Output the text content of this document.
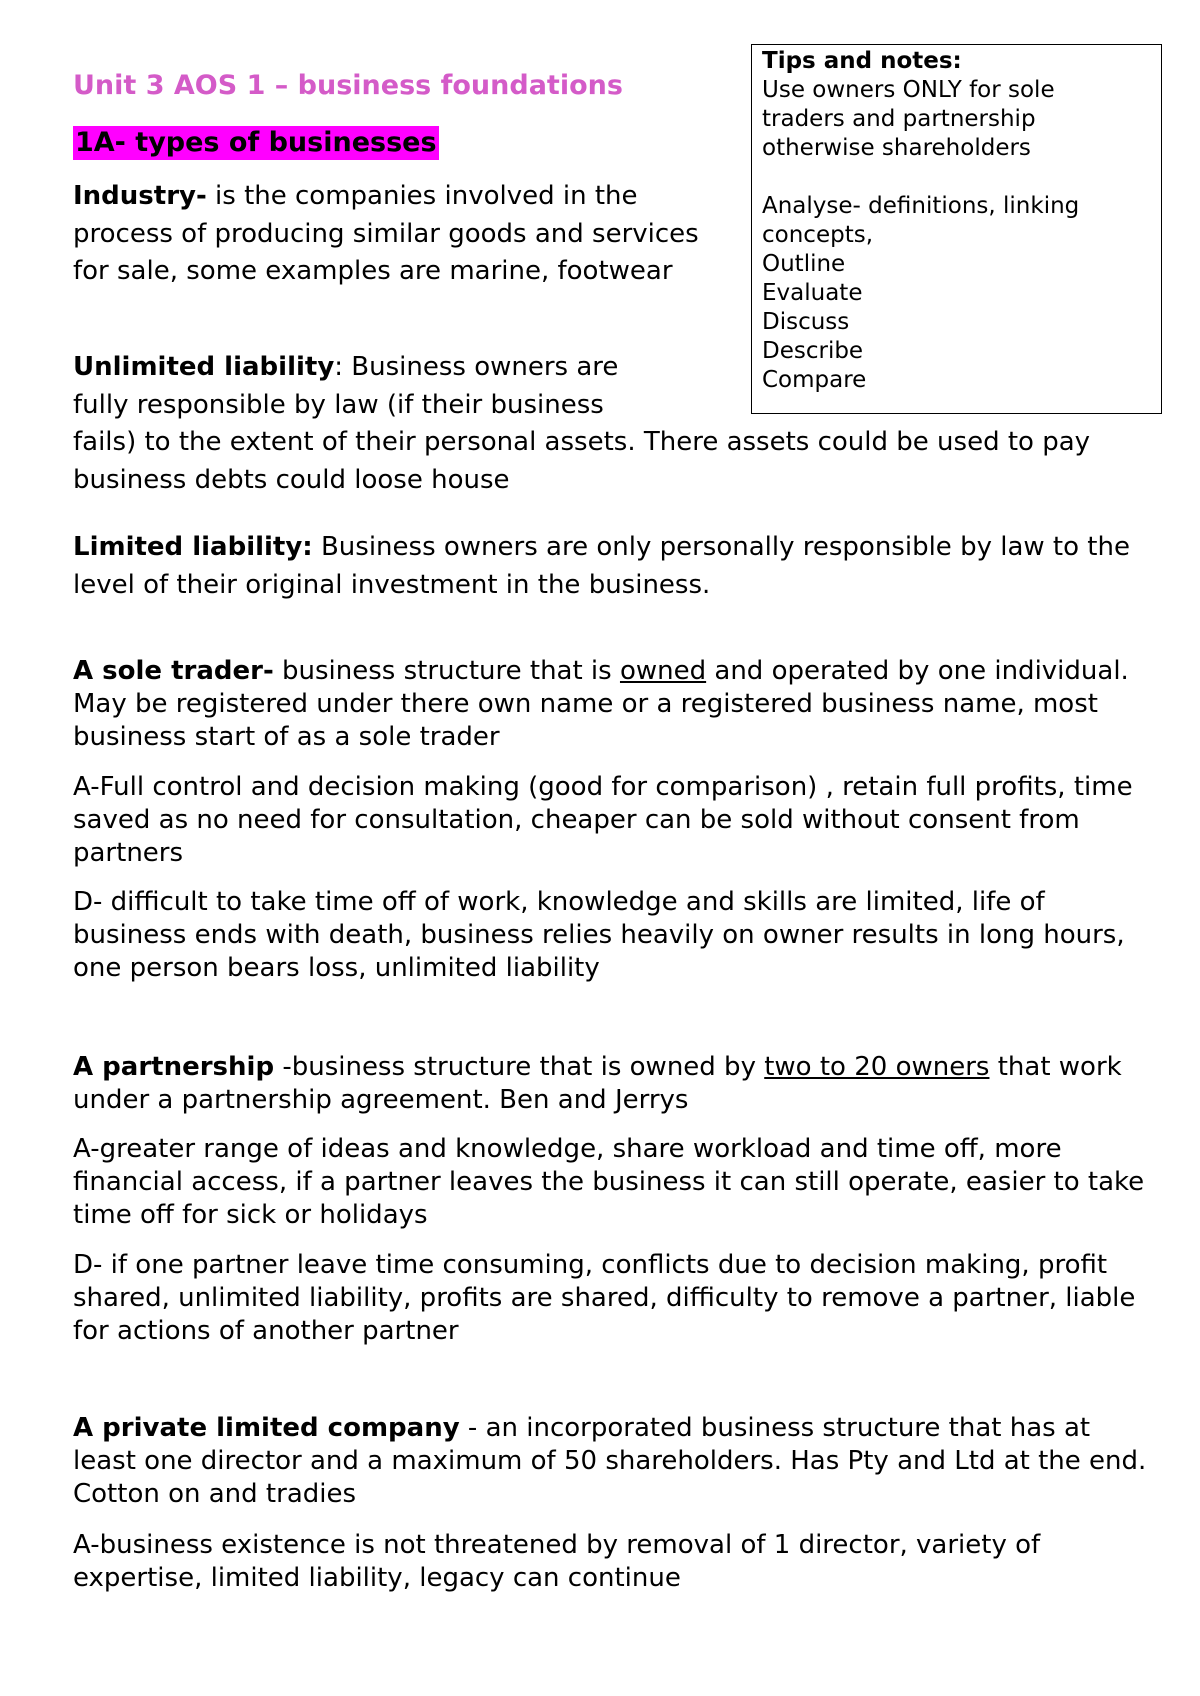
Tips and notes:
Use owners ONLY for sole
traders and partnership
otherwise shareholders
Analyse- definitions, linking
concepts,
Outline
Evaluate
Discuss
Describe
Compare
Unit 3 AOS 1 – business foundations
1A- types of businesses

Industry- is the companies involved in the process of producing similar goods and services for sale, some examples are marine, footwear

Unlimited liability: Business owners are
fully responsible by law (if their business
fails) to the extent of their personal assets. There assets could be used to pay business debts could loose house

Limited liability: Business owners are only personally responsible by law to the level of their original investment in the business.

A sole trader- business structure that is owned and operated by one individual. May be registered under there own name or a registered business name, most business start of as a sole trader

A-Full control and decision making (good for comparison) , retain full profits, time saved as no need for consultation, cheaper can be sold without consent from partners

D- difficult to take time off of work, knowledge and skills are limited, life of business ends with death, business relies heavily on owner results in long hours, one person bears loss, unlimited liability

A partnership -business structure that is owned by two to 20 owners that work under a partnership agreement. Ben and Jerrys

A-greater range of ideas and knowledge, share workload and time off, more financial access, if a partner leaves the business it can still operate, easier to take time off for sick or holidays

D- if one partner leave time consuming, conflicts due to decision making, profit shared, unlimited liability, profits are shared, difficulty to remove a partner, liable for actions of another partner

A private limited company - an incorporated business structure that has at least one director and a maximum of 50 shareholders. Has Pty and Ltd at the end. Cotton on and tradies

A-business existence is not threatened by removal of 1 director, variety of expertise, limited liability, legacy can continue
